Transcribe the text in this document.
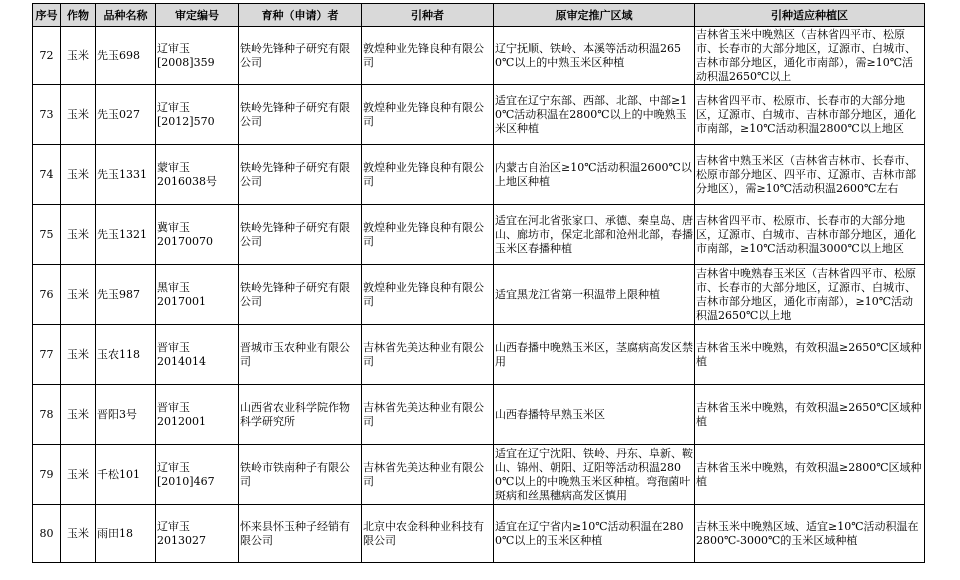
序号	作物	品种名称	审定编号	育种（申请）者	引种者	原审定推广区域	引种适应种植区
72	玉米	先玉698	辽审玉[2008]359	铁岭先锋种子研究有限公司	敦煌种业先锋良种有限公司	辽宁抚顺、铁岭、本溪等活动积温2650℃以上的中熟玉米区种植	吉林省玉米中晚熟区（吉林省四平市、松原市、长春市的大部分地区，辽源市、白城市、吉林市部分地区，通化市南部），需≥10℃活动积温2650℃以上
73	玉米	先玉027	辽审玉[2012]570	铁岭先锋种子研究有限公司	敦煌种业先锋良种有限公司	适宜在辽宁东部、西部、北部、中部≥10℃活动积温在2800℃以上的中晚熟玉米区种植	吉林省四平市、松原市、长春市的大部分地区，辽源市、白城市、吉林市部分地区，通化市南部，≥10℃活动积温2800℃以上地区
74	玉米	先玉1331	蒙审玉2016038号	铁岭先锋种子研究有限公司	敦煌种业先锋良种有限公司	内蒙古自治区≥10℃活动积温2600℃以上地区种植	吉林省中熟玉米区（吉林省吉林市、长春市、松原市部分地区、四平市、辽源市、吉林市部分地区），需≥10℃活动积温2600℃左右
75	玉米	先玉1321	冀审玉20170070	铁岭先锋种子研究有限公司	敦煌种业先锋良种有限公司	适宜在河北省张家口、承德、秦皇岛、唐山、廊坊市，保定北部和沧州北部，春播玉米区春播种植	吉林省四平市、松原市、长春市的大部分地区，辽源市、白城市、吉林市部分地区，通化市南部，≥10℃活动积温3000℃以上地区
76	玉米	先玉987	黑审玉2017001	铁岭先锋种子研究有限公司	敦煌种业先锋良种有限公司	适宜黑龙江省第一积温带上限种植	吉林省中晚熟春玉米区（吉林省四平市、松原市、长春市的大部分地区，辽源市、白城市、吉林市部分地区，通化市南部），≥10℃活动积温2650℃以上地
77	玉米	玉农118	晋审玉2014014	晋城市玉农种业有限公司	吉林省先美达种业有限公司	山西春播中晚熟玉米区，茎腐病高发区禁用	吉林省玉米中晚熟，有效积温≥2650℃区域种植
78	玉米	晋阳3号	晋审玉2012001	山西省农业科学院作物科学研究所	吉林省先美达种业有限公司	山西春播特早熟玉米区	吉林省玉米中晚熟，有效积温≥2650℃区域种植
79	玉米	千松101	辽审玉[2010]467	铁岭市铁南种子有限公司	吉林省先美达种业有限公司	适宜在辽宁沈阳、铁岭、丹东、阜新、鞍山、锦州、朝阳、辽阳等活动积温2800℃以上的中晚熟玉米区种植。弯孢菌叶斑病和丝黑穗病高发区慎用	吉林省玉米中晚熟，有效积温≥2800℃区域种植
80	玉米	雨田18	辽审玉2013027	怀来县怀玉种子经销有限公司	北京中农金科种业科技有限公司	适宜在辽宁省内≥10℃活动积温在2800℃以上的玉米区种植	吉林玉米中晚熟区域、适宜≥10℃活动积温在2800℃-3000℃的玉米区域种植
